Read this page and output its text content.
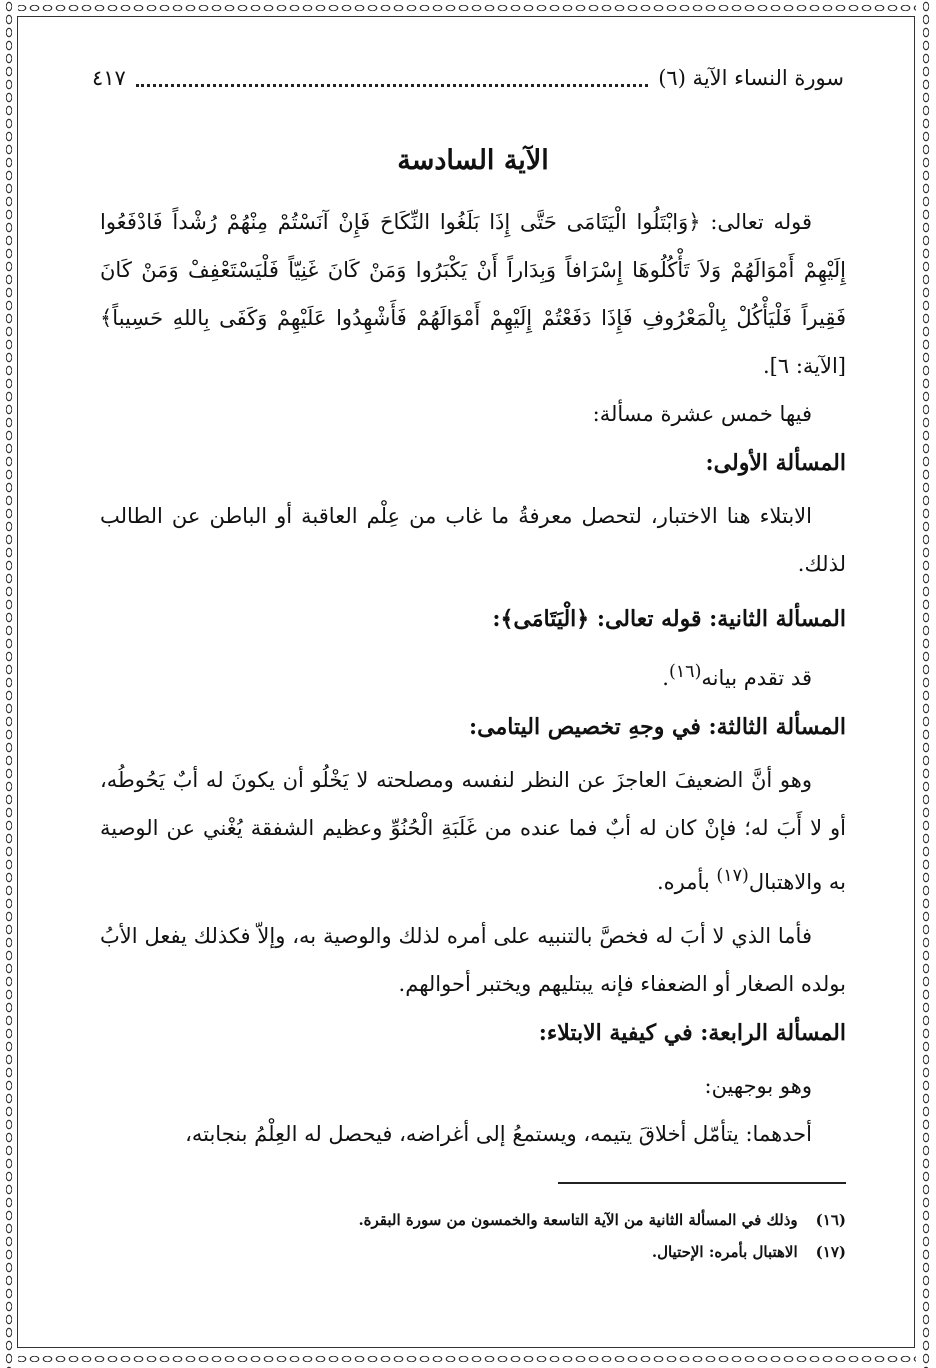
سورة النساء الآية (٦)
٤١٧
الآية السادسة

قوله تعالى: ﴿وَابْتَلُوا الْيَتَامَى حَتَّى إِذَا بَلَغُوا النِّكَاحَ فَإِنْ آنَسْتُمْ مِنْهُمْ رُشْداً فَادْفَعُوا إِلَيْهِمْ أَمْوَالَهُمْ وَلاَ تَأْكُلُوهَا إِسْرَافاً وَبِدَاراً أَنْ يَكْبَرُوا وَمَنْ كَانَ غَنِيّاً فَلْيَسْتَعْفِفْ وَمَنْ كَانَ فَقِيراً فَلْيَأْكُلْ بِالْمَعْرُوفِ فَإِذَا دَفَعْتُمْ إِلَيْهِمْ أَمْوَالَهُمْ فَأَشْهِدُوا عَلَيْهِمْ وَكَفَى بِاللهِ حَسِيباً﴾ [الآية: ٦].

فيها خمس عشرة مسألة:

المسألة الأولى:

الابتلاء هنا الاختبار، لتحصل معرفةُ ما غاب من عِلْم العاقبة أو الباطن عن الطالب لذلك.

المسألة الثانية: قوله تعالى: ﴿الْيَتَامَى﴾:

قد تقدم بيانه$^{(١٦)}$.

المسألة الثالثة: في وجهِ تخصيص اليتامى:

وهو أنَّ الضعيفَ العاجزَ عن النظر لنفسه ومصلحته لا يَخْلُو أن يكونَ له أبٌ يَحُوطُه، أو لا أَبَ له؛ فإنْ كان له أبٌ فما عنده من غَلَبَةِ الْحُنُوِّ وعظيم الشفقة يُغْني عن الوصية به والاهتبال$^{(١٧)}$ بأمره.

فأما الذي لا أبَ له فخصَّ بالتنبيه على أمره لذلك والوصية به، وإلاّ فكذلك يفعل الأبُ بولده الصغار أو الضعفاء فإنه يبتليهم ويختبر أحوالهم.

المسألة الرابعة: في كيفية الابتلاء:

وهو بوجهين:

أحدهما: يتأمّل أخلاقَ يتيمه، ويستمعُ إلى أغراضه، فيحصل له العِلْمُ بنجابته،

(١٦)
وذلك في المسألة الثانية من الآية التاسعة والخمسون من سورة البقرة.
(١٧)
الاهتبال بأمره: الإحتيال.
